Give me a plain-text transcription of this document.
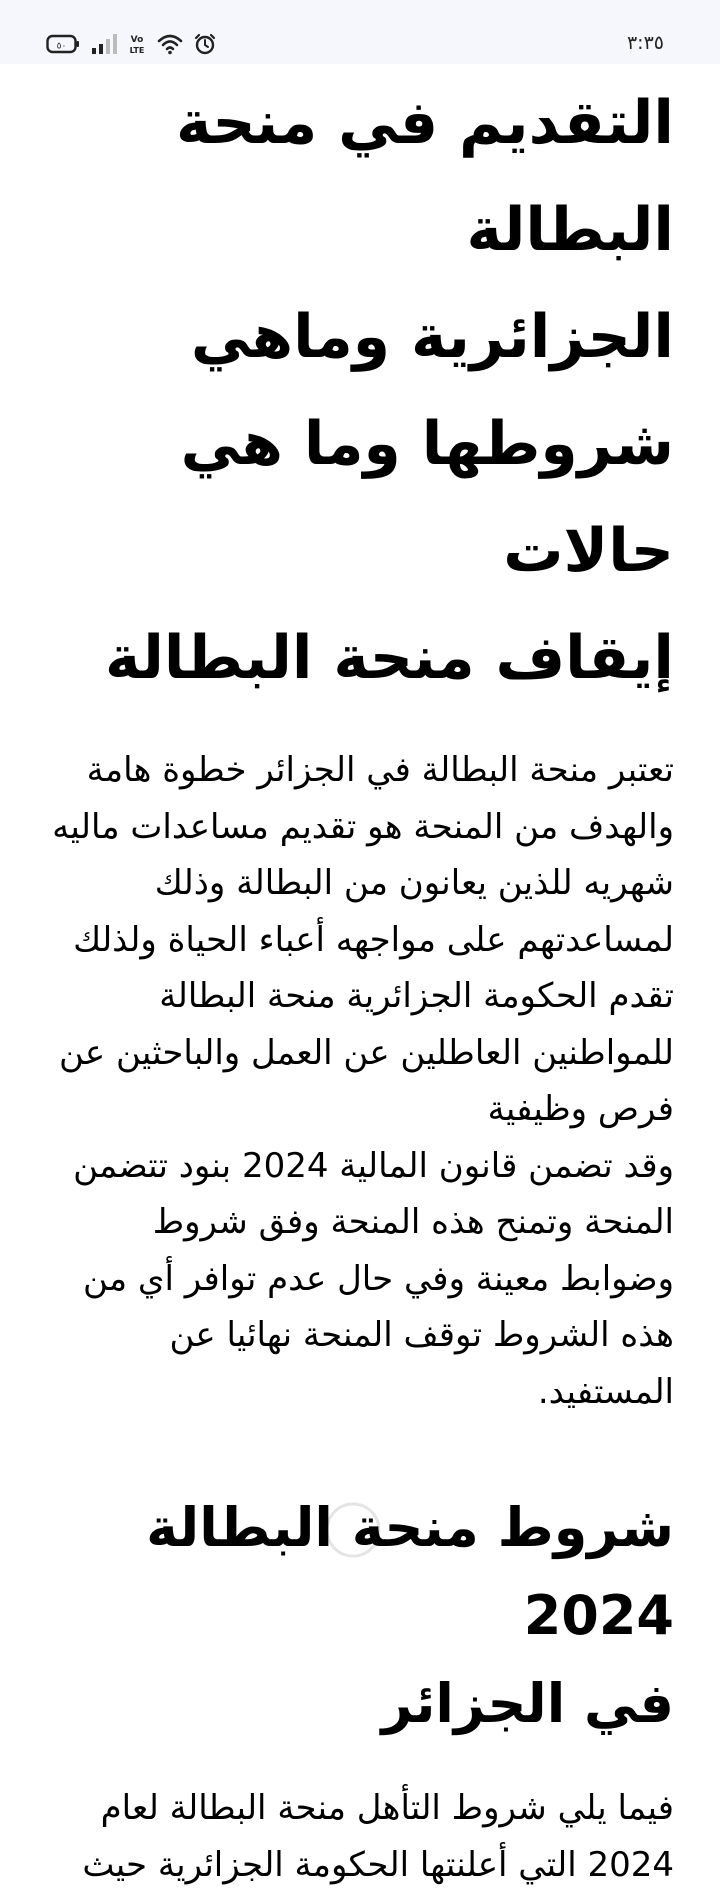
٥٠
Vo
LTE	٣:٣٥
التقديم في منحة البطالة
الجزائرية وماهي
شروطها وما هي حالات
إيقاف منحة البطالة

تعتبر منحة البطالة في الجزائر خطوة هامة
والهدف من المنحة هو تقديم مساعدات ماليه
شهريه للذين يعانون من البطالة وذلك
لمساعدتهم على مواجهه أعباء الحياة ولذلك
تقدم الحكومة الجزائرية منحة البطالة
للمواطنين العاطلين عن العمل والباحثين عن
فرص وظيفية
وقد تضمن قانون المالية 2024 بنود تتضمن
المنحة وتمنح هذه المنحة وفق شروط
وضوابط معينة وفي حال عدم توافر أي من
هذه الشروط توقف المنحة نهائيا عن
المستفيد.

شروط منحة البطالة 2024
في الجزائر

فيما يلي شروط التأهل منحة البطالة لعام
2024 التي أعلنتها الحكومة الجزائرية حيث
